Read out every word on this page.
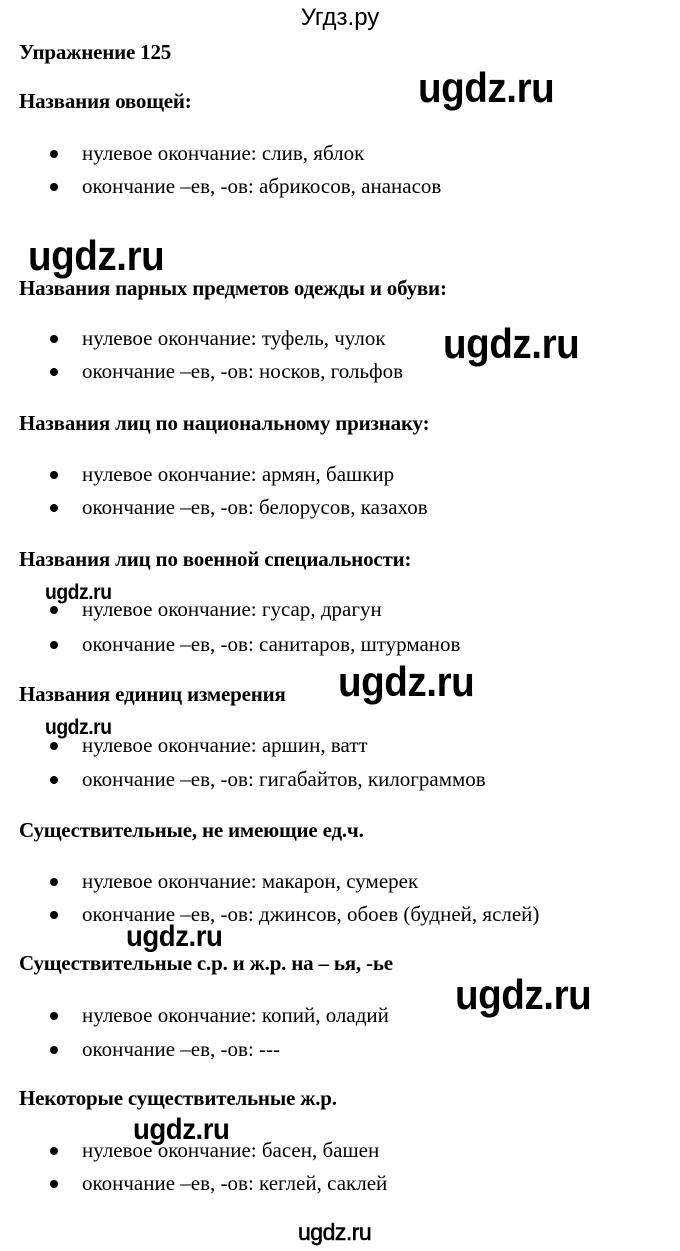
Угдз.ру
Упражнение 125
Названия овощей:
нулевое окончание: слив, яблок
окончание –ев, -ов: абрикосов, ананасов
Названия парных предметов одежды и обуви:
нулевое окончание: туфель, чулок
окончание –ев, -ов: носков, гольфов
Названия лиц по национальному признаку:
нулевое окончание: армян, башкир
окончание –ев, -ов: белорусов, казахов
Названия лиц по военной специальности:
нулевое окончание: гусар, драгун
окончание –ев, -ов: санитаров, штурманов
Названия единиц измерения
нулевое окончание: аршин, ватт
окончание –ев, -ов: гигабайтов, килограммов
Существительные, не имеющие ед.ч.
нулевое окончание: макарон, сумерек
окончание –ев, -ов: джинсов, обоев (будней, яслей)
Существительные с.р. и ж.р. на – ья, -ье
нулевое окончание: копий, оладий
окончание –ев, -ов: ---
Некоторые существительные ж.р.
нулевое окончание: басен, башен
окончание –ев, -ов: кеглей, саклей
ugdz.ru
ugdz.ru
ugdz.ru
ugdz.ru
ugdz.ru
ugdz.ru
ugdz.ru
ugdz.ru
ugdz.ru
ugdz.ru
